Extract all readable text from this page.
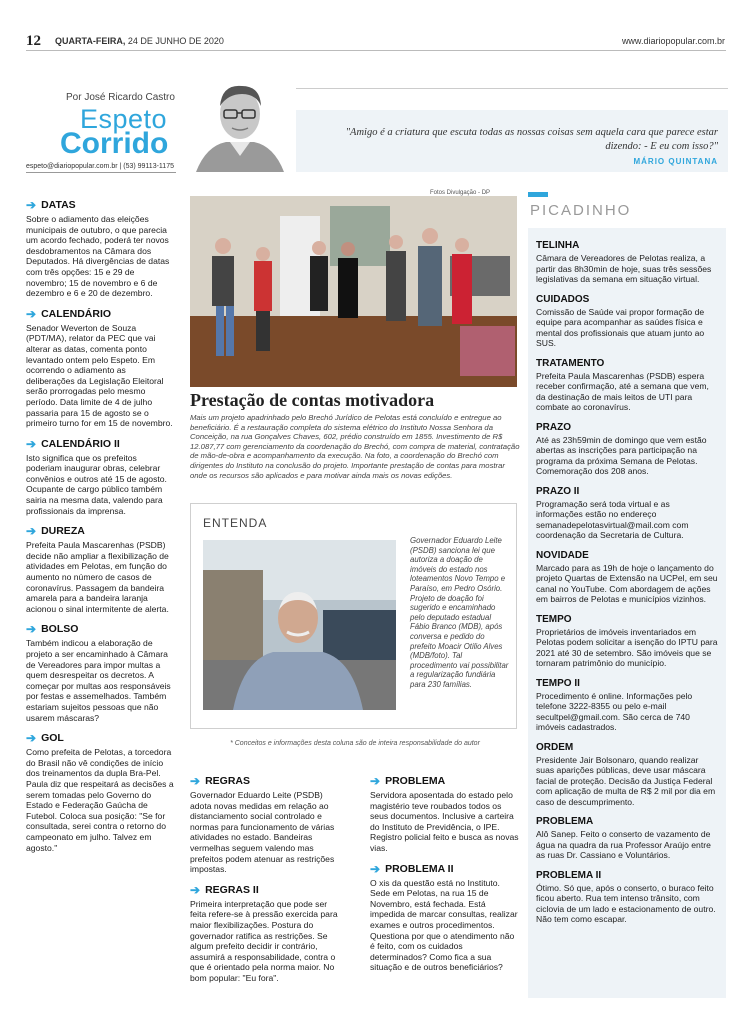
12 QUARTA-FEIRA, 24 DE JUNHO DE 2020	www.diariopopular.com.br
Por José Ricardo Castro
Espeto
Corrido
espeto@diariopopular.com.br | (53) 99113-1175
"Amigo é a criatura que escuta todas as nossas coisas sem aquela cara que parece estar dizendo: - E eu com isso?"
MÁRIO QUINTANA
➔ DATAS
Sobre o adiamento das eleições municipais de outubro, o que parecia um acordo fechado, poderá ter novos desdobramentos na Câmara dos Deputados. Há divergências de datas com três opções: 15 e 29 de novembro; 15 de novembro e 6 de dezembro e 6 e 20 de dezembro.
➔ CALENDÁRIO
Senador Weverton de Souza (PDT/MA), relator da PEC que vai alterar as datas, comenta ponto levantado ontem pelo Espeto. Em ocorrendo o adiamento as deliberações da Legislação Eleitoral serão prorrogadas pelo mesmo período. Data limite de 4 de julho passaria para 15 de agosto se o primeiro turno for em 15 de novembro.
➔ CALENDÁRIO II
Isto significa que os prefeitos poderiam inaugurar obras, celebrar convênios e outros até 15 de agosto. Ocupante de cargo público também sairia na mesma data, valendo para profissionais da imprensa.
➔ DUREZA
Prefeita Paula Mascarenhas (PSDB) decide não ampliar a flexibilização de atividades em Pelotas, em função do aumento no número de casos de coronavírus. Passagem da bandeira amarela para a bandeira laranja acionou o sinal intermitente de alerta.
➔ BOLSO
Também indicou a elaboração de projeto a ser encaminhado à Câmara de Vereadores para impor multas a quem desrespeitar os decretos. A começar por multas aos responsáveis por festas e assemelhados. Também estariam sujeitos pessoas que não usarem máscaras?
➔ GOL
Como prefeita de Pelotas, a torcedora do Brasil não vê condições de início dos treinamentos da dupla Bra-Pel. Paula diz que respeitará as decisões a serem tomadas pelo Governo do Estado e Federação Gaúcha de Futebol. Coloca sua posição: "Se for consultada, serei contra o retorno do campeonato em julho. Talvez em agosto."
Fotos Divulgação - DP
Prestação de contas motivadora
Mais um projeto apadrinhado pelo Brechó Jurídico de Pelotas está concluído e entregue ao beneficiário. É a restauração completa do sistema elétrico do Instituto Nossa Senhora da Conceição, na rua Gonçalves Chaves, 602, prédio construído em 1855. Investimento de R$ 12.087,77 com gerenciamento da coordenação do Brechó, com compra de material, contratação de mão-de-obra e acompanhamento da execução. Na foto, a coordenação do Brechó com dirigentes do Instituto na conclusão do projeto. Importante prestação de contas para mostrar onde os recursos são aplicados e para motivar ainda mais os novas edições.
ENTENDA
Governador Eduardo Leite (PSDB) sanciona lei que autoriza a doação de imóveis do estado nos loteamentos Novo Tempo e Paraíso, em Pedro Osório. Projeto de doação foi sugerido e encaminhado pelo deputado estadual Fábio Branco (MDB), após conversa e pedido do prefeito Moacir Otilio Alves (MDB/foto). Tal procedimento vai possibilitar a regularização fundiária para 230 famílias.
* Conceitos e informações desta coluna são de inteira responsabilidade do autor
➔ REGRAS
Governador Eduardo Leite (PSDB) adota novas medidas em relação ao distanciamento social controlado e normas para funcionamento de várias atividades no estado. Bandeiras vermelhas seguem valendo mas prefeitos podem atenuar as restrições impostas.
➔ REGRAS II
Primeira interpretação que pode ser feita refere-se à pressão exercida para maior flexibilizações. Postura do governador ratifica as restrições. Se algum prefeito decidir ir contrário, assumirá a responsabilidade, contra o que é orientado pela norma maior. No bom popular: "Eu fora".
➔ PROBLEMA
Servidora aposentada do estado pelo magistério teve roubados todos os seus documentos. Inclusive a carteira do Instituto de Previdência, o IPE. Registro policial feito e busca as novas vias.
➔ PROBLEMA II
O xis da questão está no Instituto. Sede em Pelotas, na rua 15 de Novembro, está fechada. Está impedida de marcar consultas, realizar exames e outros procedimentos. Questiona por que o atendimento não é feito, com os cuidados determinados? Como fica a sua situação e de outros beneficiários?
PICADINHO
TELINHA
Câmara de Vereadores de Pelotas realiza, a partir das 8h30min de hoje, suas três sessões legislativas da semana em situação virtual.
CUIDADOS
Comissão de Saúde vai propor formação de equipe para acompanhar as saúdes física e mental dos profissionais que atuam junto ao SUS.
TRATAMENTO
Prefeita Paula Mascarenhas (PSDB) espera receber confirmação, até a semana que vem, da destinação de mais leitos de UTI para combate ao coronavírus.
PRAZO
Até as 23h59min de domingo que vem estão abertas as inscrições para participação na programa da próxima Semana de Pelotas. Comemoração dos 208 anos.
PRAZO II
Programação será toda virtual e as informações estão no endereço semanadepelotasvirtual@mail.com com coordenação da Secretaria de Cultura.
NOVIDADE
Marcado para as 19h de hoje o lançamento do projeto Quartas de Extensão na UCPel, em seu canal no YouTube. Com abordagem de ações em bairros de Pelotas e municípios vizinhos.
TEMPO
Proprietários de imóveis inventariados em Pelotas podem solicitar a isenção do IPTU para 2021 até 30 de setembro. São imóveis que se tornaram patrimônio do município.
TEMPO II
Procedimento é online. Informações pelo telefone 3222-8355 ou pelo e-mail secultpel@gmail.com. São cerca de 740 imóveis cadastrados.
ORDEM
Presidente Jair Bolsonaro, quando realizar suas aparições públicas, deve usar máscara facial de proteção. Decisão da Justiça Federal com aplicação de multa de R$ 2 mil por dia em caso de descumprimento.
PROBLEMA
Alô Sanep. Feito o conserto de vazamento de água na quadra da rua Professor Araújo entre as ruas Dr. Cassiano e Voluntários.
PROBLEMA II
Ótimo. Só que, após o conserto, o buraco feito ficou aberto. Rua tem intenso trânsito, com ciclovia de um lado e estacionamento de outro. Não tem como escapar.
